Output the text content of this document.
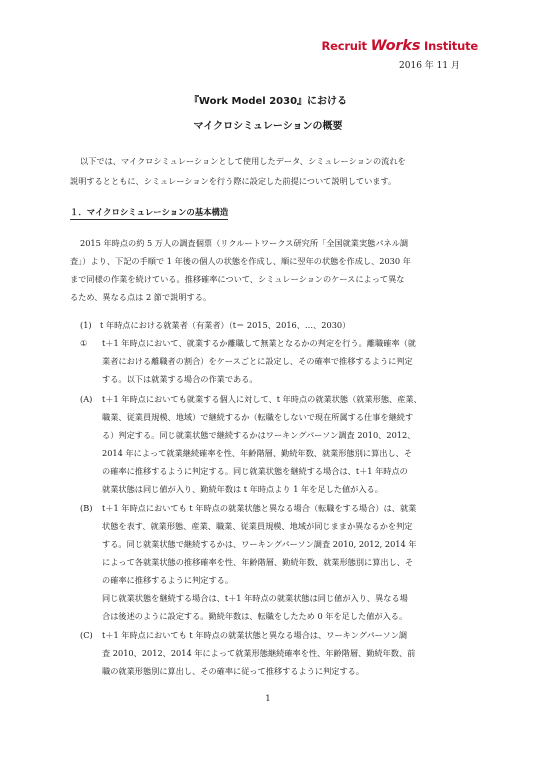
Recruit Works Institute
2016 年 11 月
『Work Model 2030』における
マイクロシミュレーションの概要
以下では、マイクロシミュレーションとして使用したデータ、シミュレーションの流れを
説明するとともに、シミュレーションを行う際に設定した前提について説明しています。
１．マイクロシミュレーションの基本構造
2015 年時点の約 5 万人の調査個票（リクルートワークス研究所「全国就業実態パネル調
査」）より、下記の手順で 1 年後の個人の状態を作成し、順に翌年の状態を作成し、2030 年
まで同様の作業を続けている。推移確率について、シミュレーションのケースによって異な
るため、異なる点は 2 節で説明する。
(1) t 年時点における就業者（有業者）（t＝ 2015、2016、…、2030）
① t＋1 年時点において、就業するか離職して無業となるかの判定を行う。離職確率（就
業者における離職者の割合）をケースごとに設定し、その確率で推移するように判定
する。以下は就業する場合の作業である。
(A) t＋1 年時点においても就業する個人に対して、t 年時点の就業状態（就業形態、産業、
職業、従業員規模、地域）で継続するか（転職をしないで現在所属する仕事を継続す
る）判定する。同じ就業状態で継続するかはワーキングパーソン調査 2010、2012、
2014 年によって就業継続確率を性、年齢階層、勤続年数、就業形態別に算出し、そ
の確率に推移するように判定する。同じ就業状態を継続する場合は、t＋1 年時点の
就業状態は同じ値が入り、勤続年数は t 年時点より 1 年を足した値が入る。
(B) t＋1 年時点においても t 年時点の就業状態と異なる場合（転職をする場合）は、就業
状態を表す、就業形態、産業、職業、従業員規模、地域が同じままか異なるかを判定
する。同じ就業状態で継続するかは、ワーキングパーソン調査 2010, 2012, 2014 年
によって各就業状態の推移確率を性、年齢階層、勤続年数、就業形態別に算出し、そ
の確率に推移するように判定する。
同じ就業状態を継続する場合は、t＋1 年時点の就業状態は同じ値が入り、異なる場
合は後述のように設定する。勤続年数は、転職をしたため 0 年を足した値が入る。
(C) t＋1 年時点においても t 年時点の就業状態と異なる場合は、ワーキングパーソン調
査 2010、2012、2014 年によって就業形態継続確率を性、年齢階層、勤続年数、前
職の就業形態別に算出し、その確率に従って推移するように判定する。
1
